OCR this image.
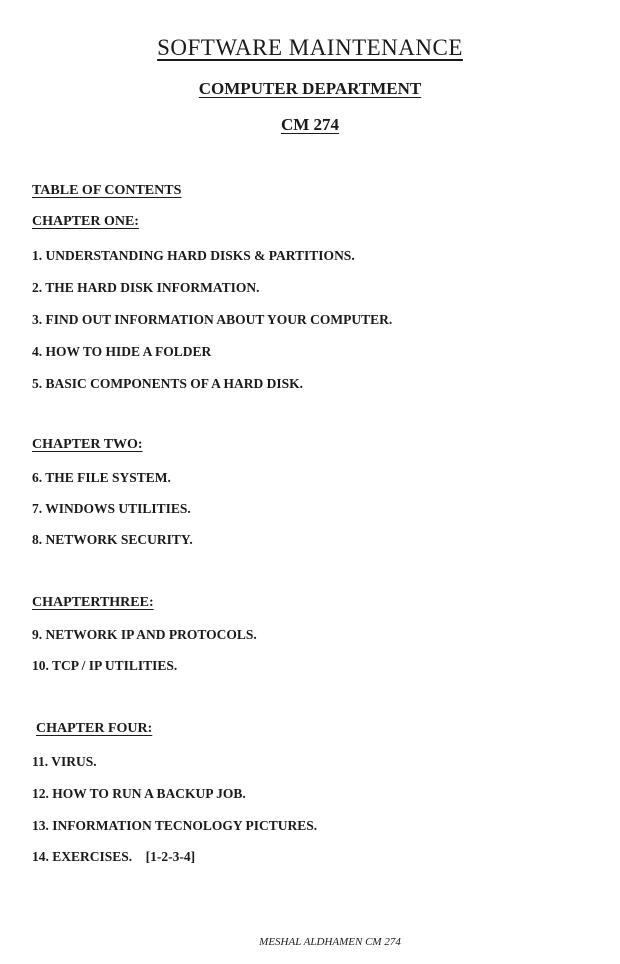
SOFTWARE MAINTENANCE
COMPUTER DEPARTMENT
CM 274
TABLE OF CONTENTS
CHAPTER ONE:
1. UNDERSTANDING HARD DISKS & PARTITIONS.
2. THE HARD DISK INFORMATION.
3. FIND OUT INFORMATION ABOUT YOUR COMPUTER.
4. HOW TO HIDE A FOLDER
5. BASIC COMPONENTS OF A HARD DISK.
CHAPTER TWO:
6. THE FILE SYSTEM.
7. WINDOWS UTILITIES.
8. NETWORK SECURITY.
CHAPTERTHREE:
9. NETWORK IP AND PROTOCOLS.
10. TCP / IP UTILITIES.
CHAPTER FOUR:
11. VIRUS.
12. HOW TO RUN A BACKUP JOB.
13. INFORMATION TECNOLOGY PICTURES.
14. EXERCISES.    [1-2-3-4]
MESHAL ALDHAMEN CM 274
